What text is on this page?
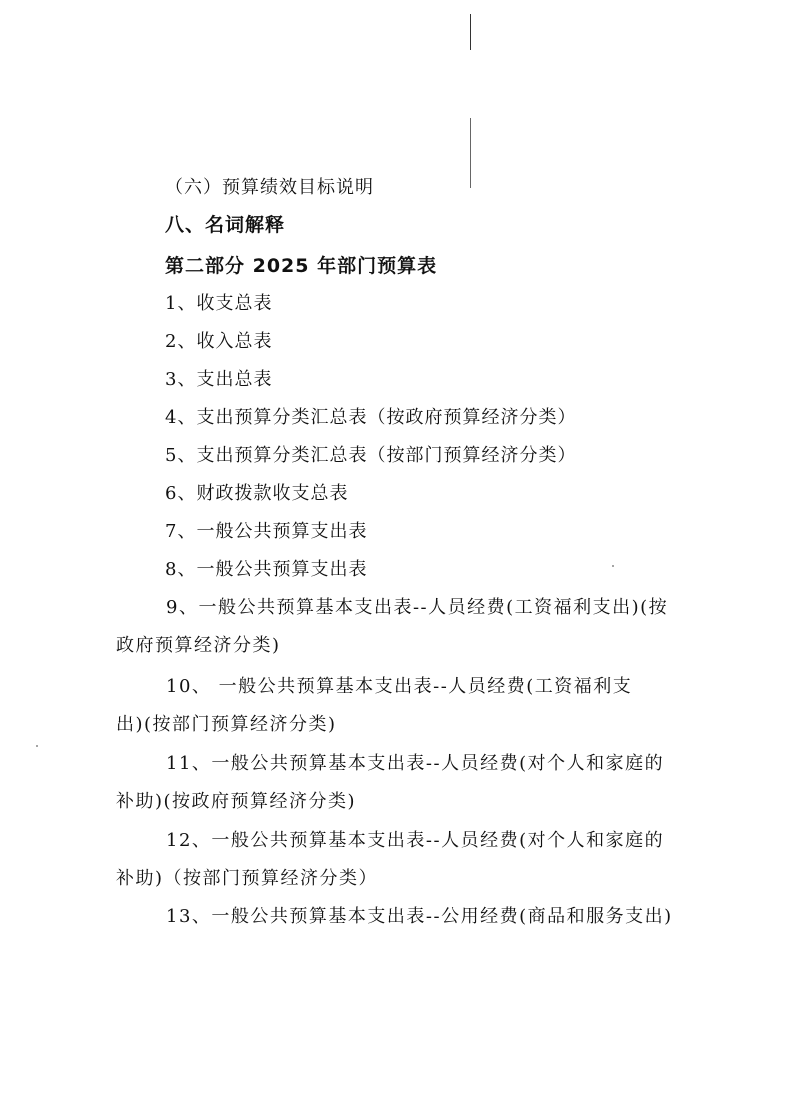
（六）预算绩效目标说明
八、名词解释
第二部分 2025 年部门预算表
1、收支总表
2、收入总表
3、支出总表
4、支出预算分类汇总表（按政府预算经济分类）
5、支出预算分类汇总表（按部门预算经济分类）
6、财政拨款收支总表
7、一般公共预算支出表
8、一般公共预算支出表
9、一般公共预算基本支出表--人员经费(工资福利支出)(按
政府预算经济分类)
10、 一般公共预算基本支出表--人员经费(工资福利支
出)(按部门预算经济分类)
11、一般公共预算基本支出表--人员经费(对个人和家庭的
补助)(按政府预算经济分类)
12、一般公共预算基本支出表--人员经费(对个人和家庭的
补助)（按部门预算经济分类）
13、一般公共预算基本支出表--公用经费(商品和服务支出)
